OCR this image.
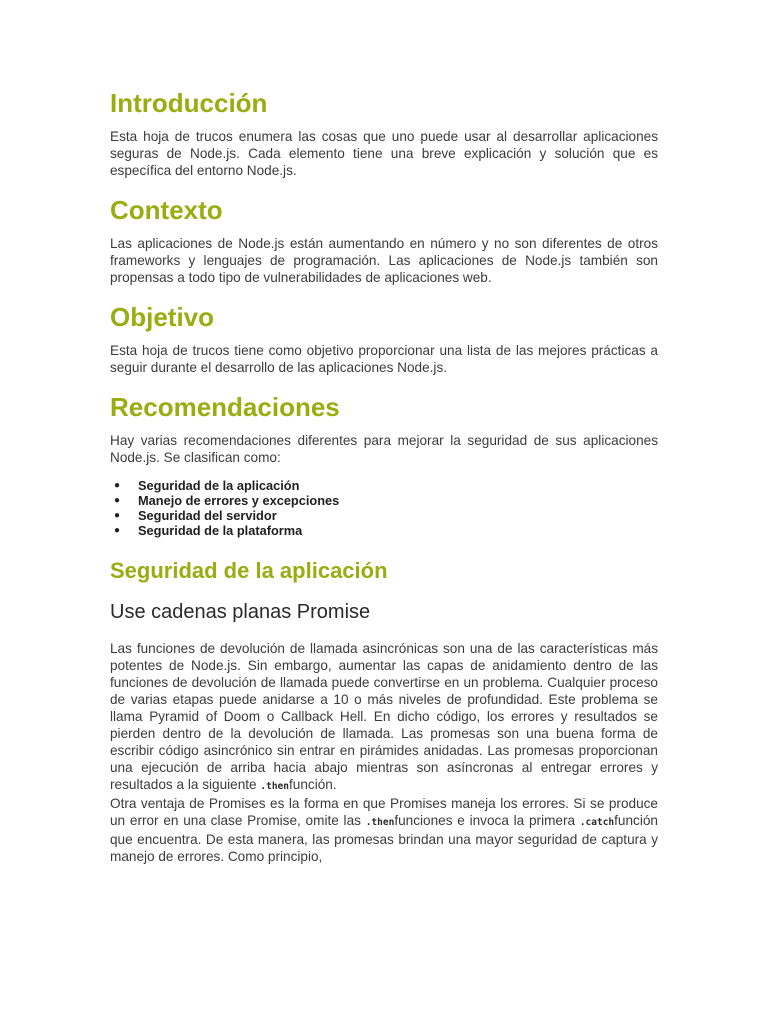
Introducción

Esta hoja de trucos enumera las cosas que uno puede usar al desarrollar aplicaciones seguras de Node.js. Cada elemento tiene una breve explicación y solución que es específica del entorno Node.js.

Contexto

Las aplicaciones de Node.js están aumentando en número y no son diferentes de otros frameworks y lenguajes de programación. Las aplicaciones de Node.js también son propensas a todo tipo de vulnerabilidades de aplicaciones web.

Objetivo

Esta hoja de trucos tiene como objetivo proporcionar una lista de las mejores prácticas a seguir durante el desarrollo de las aplicaciones Node.js.

Recomendaciones

Hay varias recomendaciones diferentes para mejorar la seguridad de sus aplicaciones Node.js. Se clasifican como:

● Seguridad de la aplicación
● Manejo de errores y excepciones
● Seguridad del servidor
● Seguridad de la plataforma
Seguridad de la aplicación
Use cadenas planas Promise

Las funciones de devolución de llamada asincrónicas son una de las características más potentes de Node.js. Sin embargo, aumentar las capas de anidamiento dentro de las funciones de devolución de llamada puede convertirse en un problema. Cualquier proceso de varias etapas puede anidarse a 10 o más niveles de profundidad. Este problema se llama Pyramid of Doom o Callback Hell. En dicho código, los errores y resultados se pierden dentro de la devolución de llamada. Las promesas son una buena forma de escribir código asincrónico sin entrar en pirámides anidadas. Las promesas proporcionan una ejecución de arriba hacia abajo mientras son asíncronas al entregar errores y resultados a la siguiente .thenfunción.

Otra ventaja de Promises es la forma en que Promises maneja los errores. Si se produce un error en una clase Promise, omite las .thenfunciones e invoca la primera .catchfunción que encuentra. De esta manera, las promesas brindan una mayor seguridad de captura y manejo de errores. Como principio,
